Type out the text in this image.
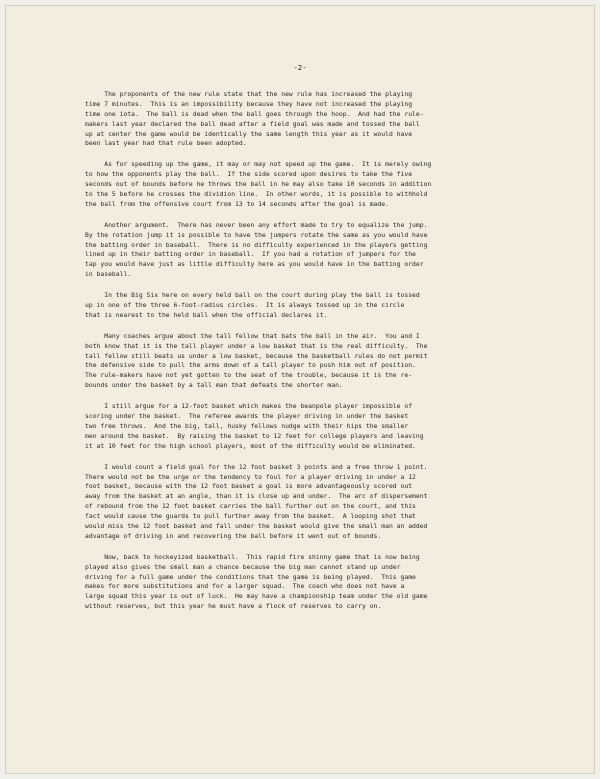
-2-
The proponents of the new rule state that the new rule has increased the playing
time 7 minutes.  This is an impossibility because they have not increased the playing
time one iota.  The ball is dead when the ball goes through the hoop.  And had the rule-
makers last year declared the ball dead after a field goal was made and tossed the ball
up at center the game would be identically the same length this year as it would have
been last year had that rule been adopted.
As for speeding up the game, it may or may not speed up the game.  It is merely owing
to how the opponents play the ball.  If the side scored upon desires to take the five
seconds out of bounds before he throws the ball in he may also take 10 seconds in addition
to the 5 before he crosses the dividion line.  In other words, it is possible to withhold
the ball from the offensive court from 13 to 14 seconds after the goal is made.
Another argument.  There has never been any effort made to try to equalize the jump.
By the rotation jump it is possible to have the jumpers rotate the same as you would have
the batting order in baseball.  There is no difficulty experienced in the players getting
lined up in their batting order in baseball.  If you had a rotation of jumpers for the
tap you would have just as little difficulty here as you would have in the batting order
in baseball.
In the Big Six here on every held ball on the court during play the ball is tossed
up in one of the three 6-foot-radius circles.  It is always tossed up in the circle
that is nearest to the held ball when the official declares it.
Many coaches argue about the tall fellow that bats the ball in the air.  You and I
both know that it is the tall player under a low basket that is the real difficulty.  The
tall fellow still beats us under a low basket, because the basketball rules do not permit
the defensive side to pull the arms down of a tall player to push him out of position.
The rule-makers have not yet gotten to the seat of the trouble, because it is the re-
bounds under the basket by a tall man that defeats the shorter man.
I still argue for a 12-foot basket which makes the beanpole player impossible of
scoring under the basket.  The referee awards the player driving in under the basket
two free throws.  And the big, tall, husky fellows nudge with their hips the smaller
men around the basket.  By raising the basket to 12 feet for college players and leaving
it at 10 feet for the high school players, most of the difficulty would be eliminated.
I would count a field goal for the 12 foot basket 3 points and a free throw 1 point.
There would not be the urge or the tendency to foul for a player driving in under a 12
foot basket, because with the 12 foot basket a goal is more advantageously scored out
away from the basket at an angle, than it is close up and under.  The arc of dispersement
of rebound from the 12 foot basket carries the ball further out on the court, and this
fact would cause the guards to pull further away from the basket.  A looping shot that
would miss the 12 foot basket and fall under the basket would give the small man an added
advantage of driving in and recovering the ball before it went out of bounds.
Now, back to hockeyized basketball.  This rapid fire shinny game that is now being
played also gives the small man a chance because the big man cannot stand up under
driving for a full game under the conditions that the game is being played.  This game
makes for more substitutions and for a larger squad.  The coach who does not have a
large squad this year is out of luck.  He may have a championship team under the old game
without reserves, but this year he must have a flock of reserves to carry on.
